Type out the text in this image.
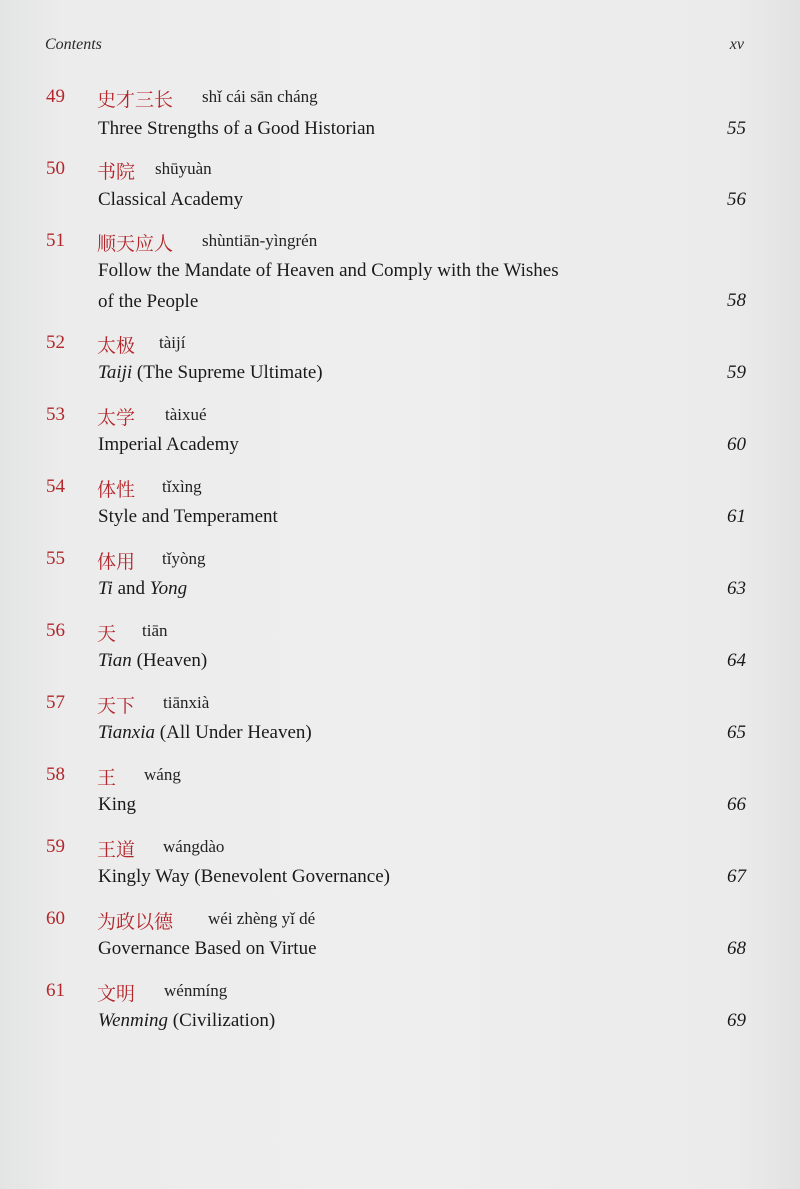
Contents	xv
49 史才三长 shǐ cái sān cháng
Three Strengths of a Good Historian	55
50 书院 shūyuàn
Classical Academy	56
51 顺天应人 shùntiān-yìngrén
Follow the Mandate of Heaven and Comply with the Wishes
of the People	58
52 太极 tàijí
Taiji (The Supreme Ultimate)	59
53 太学 tàixué
Imperial Academy	60
54 体性 tǐxìng
Style and Temperament	61
55 体用 tǐyòng
Ti and Yong	63
56 天 tiān
Tian (Heaven)	64
57 天下 tiānxià
Tianxia (All Under Heaven)	65
58 王 wáng
King	66
59 王道 wángdào
Kingly Way (Benevolent Governance)	67
60 为政以德 wéi zhèng yǐ dé
Governance Based on Virtue	68
61 文明 wénmíng
Wenming (Civilization)	69
